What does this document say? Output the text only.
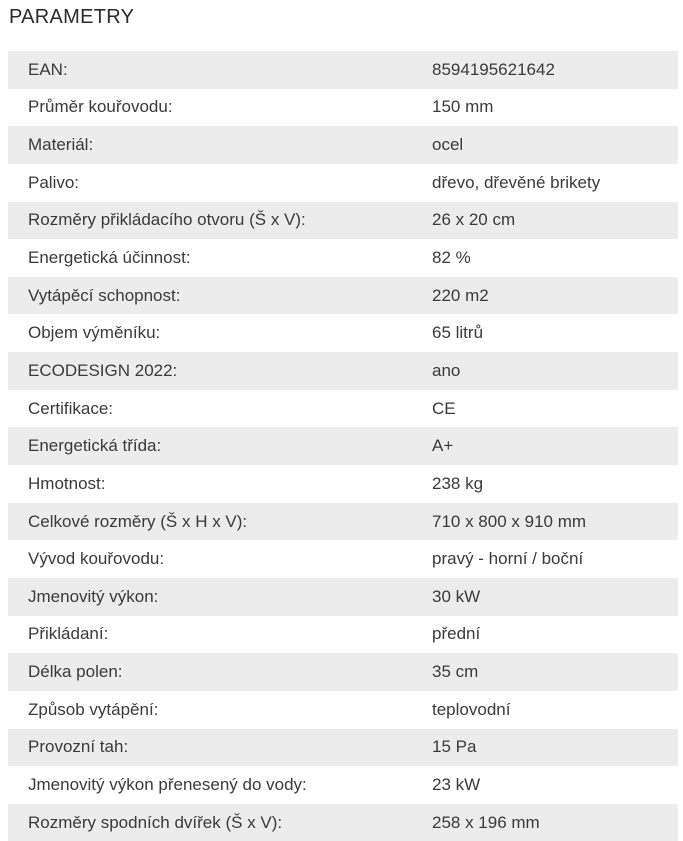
PARAMETRY
EAN:	8594195621642
Průměr kouřovodu:	150 mm
Materiál:	ocel
Palivo:	dřevo, dřevěné brikety
Rozměry přikládacího otvoru (Š x V):	26 x 20 cm
Energetická účinnost:	82 %
Vytápěcí schopnost:	220 m2
Objem výměníku:	65 litrů
ECODESIGN 2022:	ano
Certifikace:	CE
Energetická třída:	A+
Hmotnost:	238 kg
Celkové rozměry (Š x H x V):	710 x 800 x 910 mm
Vývod kouřovodu:	pravý - horní / boční
Jmenovitý výkon:	30 kW
Přikládaní:	přední
Délka polen:	35 cm
Způsob vytápění:	teplovodní
Provozní tah:	15 Pa
Jmenovitý výkon přenesený do vody:	23 kW
Rozměry spodních dvířek (Š x V):	258 x 196 mm
